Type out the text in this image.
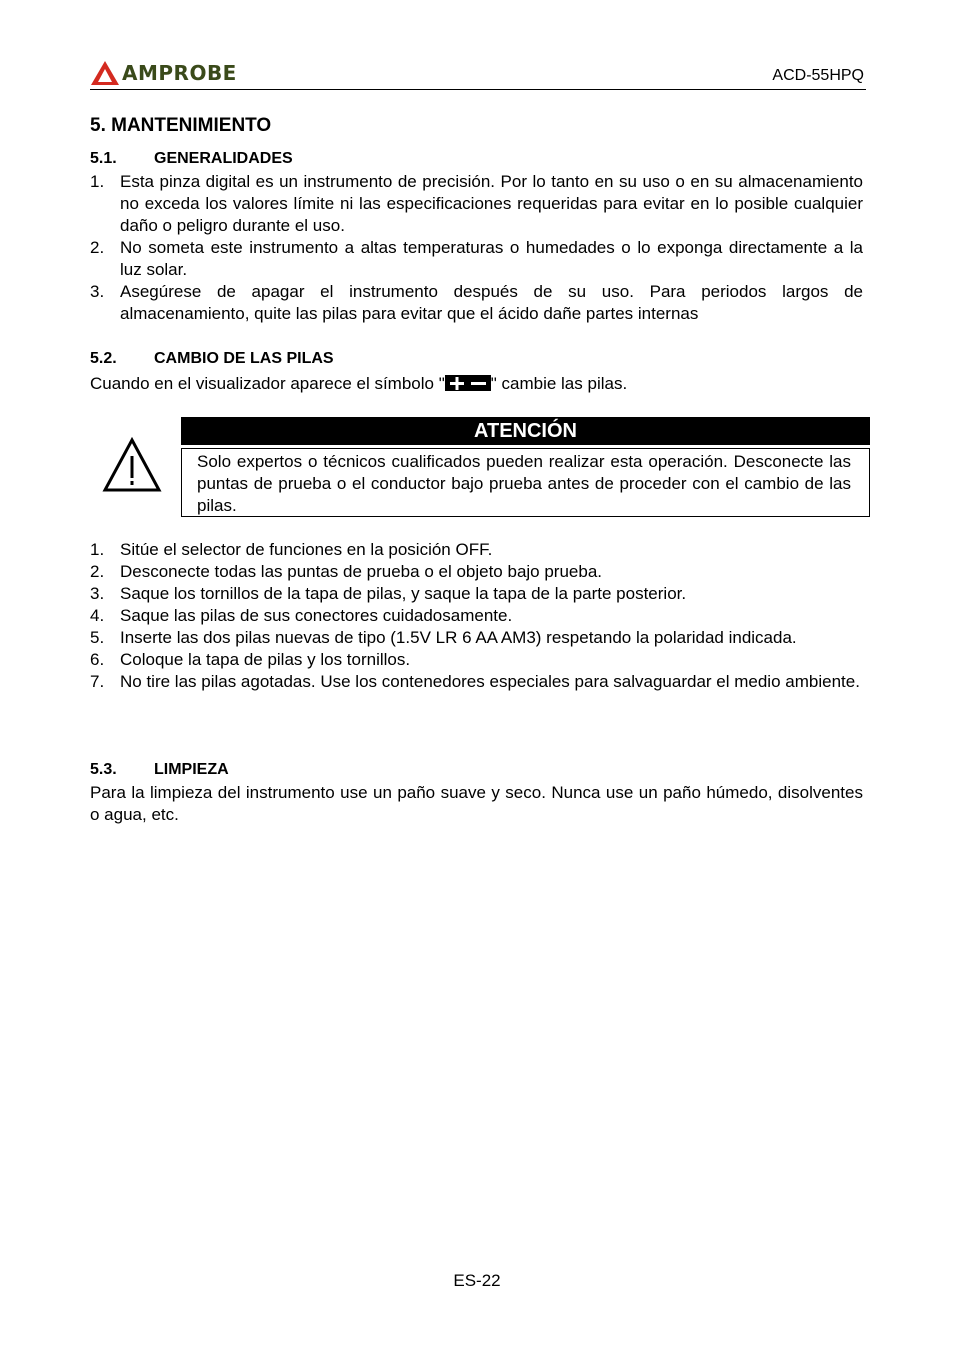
AMPROBE	ACD-55HPQ
5. MANTENIMIENTO
5.1. GENERALIDADES
1. Esta pinza digital es un instrumento de precisión. Por lo tanto en su uso o en su almacenamiento no exceda los valores límite ni las especificaciones requeridas para evitar en lo posible cualquier daño o peligro durante el uso.
2. No someta este instrumento a altas temperaturas o humedades o lo exponga directamente a la luz solar.
3. Asegúrese de apagar el instrumento después de su uso. Para periodos largos de almacenamiento, quite las pilas para evitar que el ácido dañe partes internas
5.2. CAMBIO DE LAS PILAS
Cuando en el visualizador aparece el símbolo "	" cambie las pilas.
ATENCIÓN
Solo expertos o técnicos cualificados pueden realizar esta operación. Desconecte las puntas de prueba o el conductor bajo prueba antes de proceder con el cambio de las pilas.
1. Sitúe el selector de funciones en la posición OFF.
2. Desconecte todas las puntas de prueba o el objeto bajo prueba.
3. Saque los tornillos de la tapa de pilas, y saque la tapa de la parte posterior.
4. Saque las pilas de sus conectores cuidadosamente.
5. Inserte las dos pilas nuevas de tipo (1.5V LR 6 AA AM3) respetando la polaridad indicada.
6. Coloque la tapa de pilas y los tornillos.
7. No tire las pilas agotadas. Use los contenedores especiales para salvaguardar el medio ambiente.
5.3. LIMPIEZA
Para la limpieza del instrumento use un paño suave y seco. Nunca use un paño húmedo, disolventes o agua, etc.
ES-22
